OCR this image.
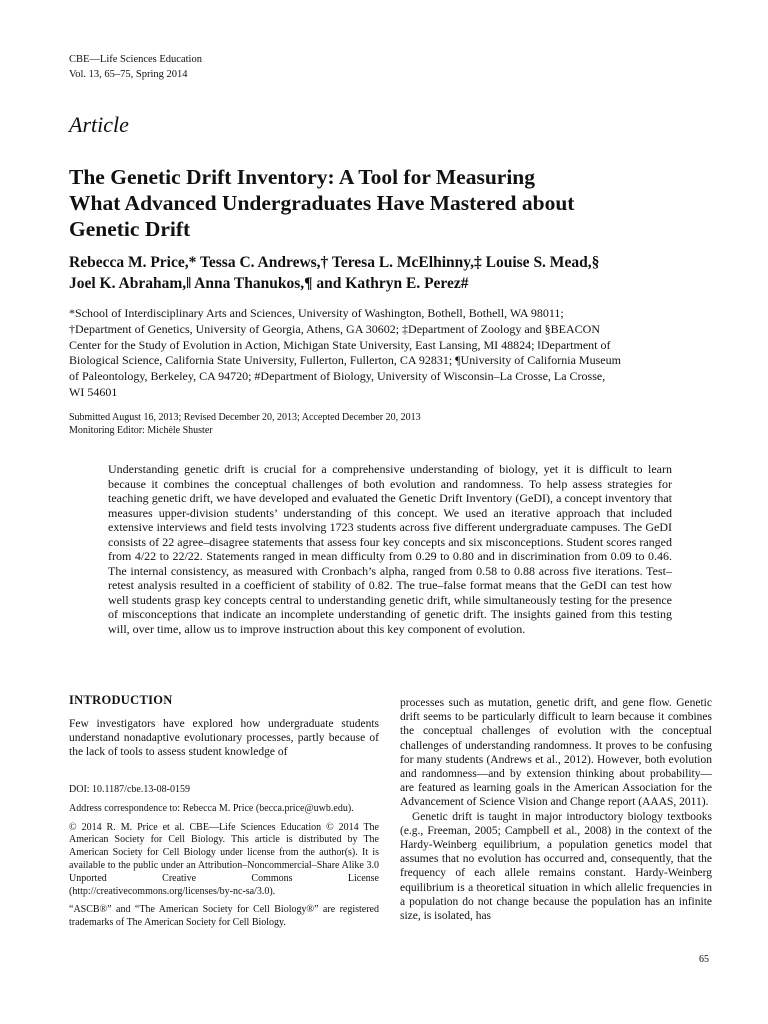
CBE—Life Sciences Education
Vol. 13, 65–75, Spring 2014
Article
The Genetic Drift Inventory: A Tool for Measuring
What Advanced Undergraduates Have Mastered about
Genetic Drift
Rebecca M. Price,* Tessa C. Andrews,† Teresa L. McElhinny,‡ Louise S. Mead,§
Joel K. Abraham,‖ Anna Thanukos,¶ and Kathryn E. Perez#
*School of Interdisciplinary Arts and Sciences, University of Washington, Bothell, Bothell, WA 98011;
†Department of Genetics, University of Georgia, Athens, GA 30602; ‡Department of Zoology and §BEACON
Center for the Study of Evolution in Action, Michigan State University, East Lansing, MI 48824; ‖Department of
Biological Science, California State University, Fullerton, Fullerton, CA 92831; ¶University of California Museum
of Paleontology, Berkeley, CA 94720; #Department of Biology, University of Wisconsin–La Crosse, La Crosse,
WI 54601
Submitted August 16, 2013; Revised December 20, 2013; Accepted December 20, 2013
Monitoring Editor: Michèle Shuster
Understanding genetic drift is crucial for a comprehensive understanding of biology, yet it is difficult to learn because it combines the conceptual challenges of both evolution and randomness. To help assess strategies for teaching genetic drift, we have developed and evaluated the Genetic Drift Inventory (GeDI), a concept inventory that measures upper-division students’ understanding of this concept. We used an iterative approach that included extensive interviews and field tests involving 1723 students across five different undergraduate campuses. The GeDI consists of 22 agree–disagree statements that assess four key concepts and six misconceptions. Student scores ranged from 4/22 to 22/22. Statements ranged in mean difficulty from 0.29 to 0.80 and in discrimination from 0.09 to 0.46. The internal consistency, as measured with Cronbach’s alpha, ranged from 0.58 to 0.88 across five iterations. Test–retest analysis resulted in a coefficient of stability of 0.82. The true–false format means that the GeDI can test how well students grasp key concepts central to understanding genetic drift, while simultaneously testing for the presence of misconceptions that indicate an incomplete understanding of genetic drift. The insights gained from this testing will, over time, allow us to improve instruction about this key component of evolution.
INTRODUCTION
Few investigators have explored how undergraduate students understand nonadaptive evolutionary processes, partly because of the lack of tools to assess student knowledge of

DOI: 10.1187/cbe.13-08-0159

Address correspondence to: Rebecca M. Price (becca.price@uwb.edu).

© 2014 R. M. Price et al. CBE—Life Sciences Education © 2014 The American Society for Cell Biology. This article is distributed by The American Society for Cell Biology under license from the author(s). It is available to the public under an Attribution–Noncommercial–Share Alike 3.0 Unported Creative Commons License (http://creativecommons.org/licenses/by-nc-sa/3.0).

“ASCB®” and “The American Society for Cell Biology®” are registered trademarks of The American Society for Cell Biology.

processes such as mutation, genetic drift, and gene flow. Genetic drift seems to be particularly difficult to learn because it combines the conceptual challenges of evolution with the conceptual challenges of understanding randomness. It proves to be confusing for many students (Andrews et al., 2012). However, both evolution and randomness—and by extension thinking about probability—are featured as learning goals in the American Association for the Advancement of Science Vision and Change report (AAAS, 2011).

Genetic drift is taught in major introductory biology textbooks (e.g., Freeman, 2005; Campbell et al., 2008) in the context of the Hardy-Weinberg equilibrium, a population genetics model that assumes that no evolution has occurred and, consequently, that the frequency of each allele remains constant. Hardy-Weinberg equilibrium is a theoretical situation in which allelic frequencies in a population do not change because the population has an infinite size, is isolated, has

65
